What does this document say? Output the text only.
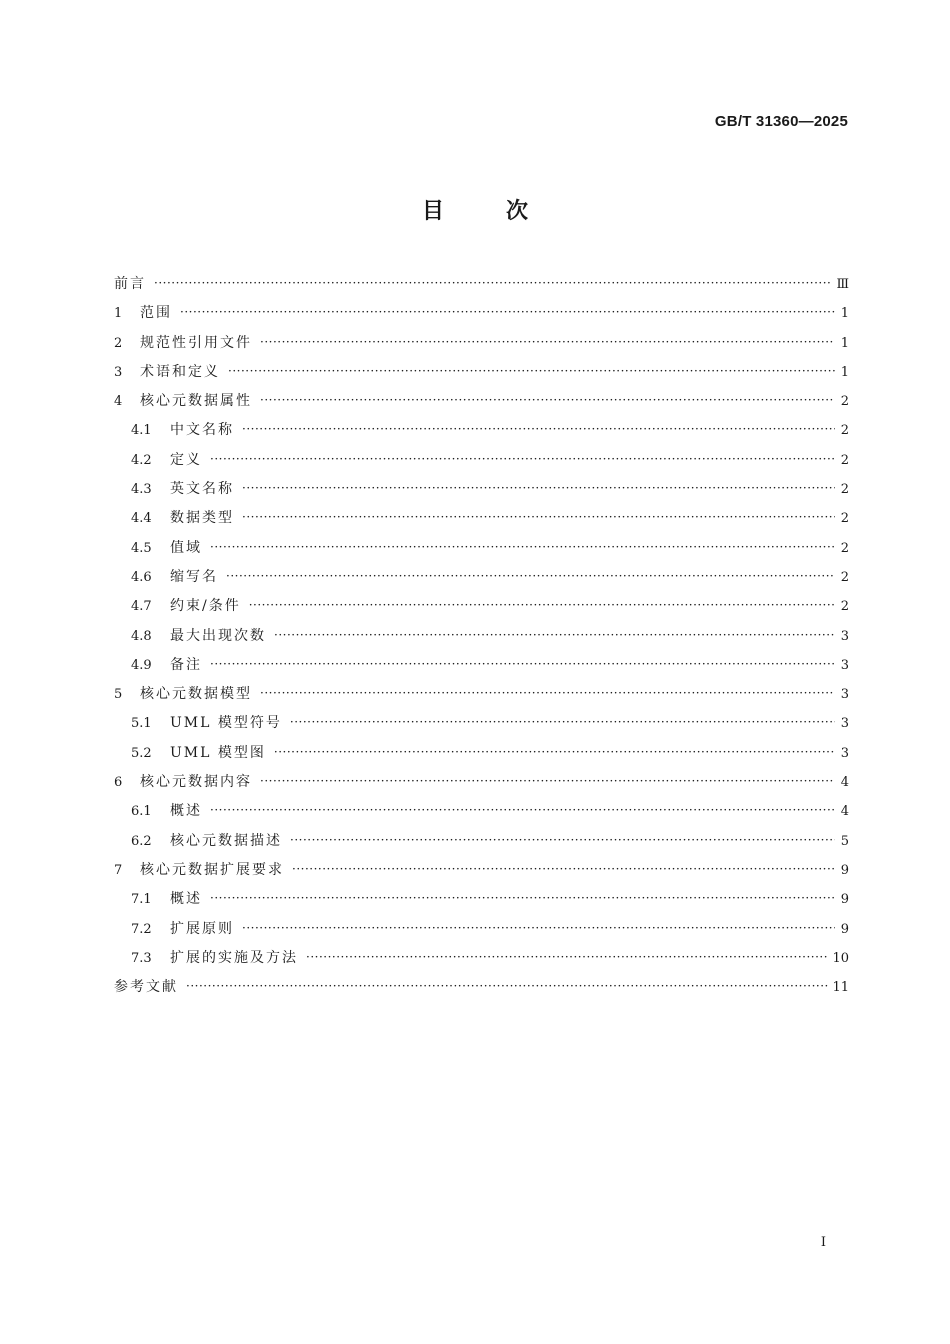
GB/T 31360—2025
目	次
前言 ·····	Ⅲ
1	范围 ·····	1
2	规范性引用文件 ·····	1
3	术语和定义 ·····	1
4	核心元数据属性 ·····	2
4.1	中文名称 ·····	2
4.2	定义 ·····	2
4.3	英文名称 ·····	2
4.4	数据类型 ·····	2
4.5	值域 ·····	2
4.6	缩写名 ·····	2
4.7	约束/条件 ·····	2
4.8	最大出现次数 ·····	3
4.9	备注 ·····	3
5	核心元数据模型 ·····	3
5.1	UML 模型符号 ·····	3
5.2	UML 模型图 ·····	3
6	核心元数据内容 ·····	4
6.1	概述 ·····	4
6.2	核心元数据描述 ·····	5
7	核心元数据扩展要求 ·····	9
7.1	概述 ·····	9
7.2	扩展原则 ·····	9
7.3	扩展的实施及方法 ·····	10
参考文献 ·····	11
I
